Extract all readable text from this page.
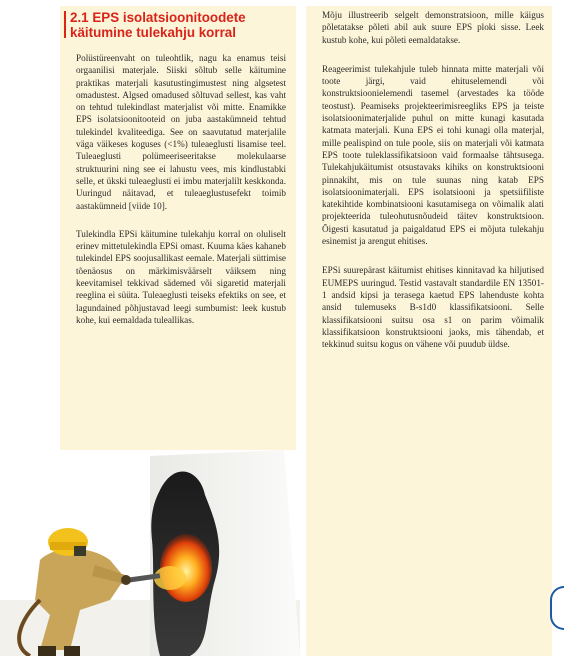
2.1 EPS isolatsioonitoodete käitumine tulekahju korral

Polüstüreenvaht on tuleohtlik, nagu ka enamus teisi orgaanilisi materjale. Siiski sõltub selle käitumine praktikas materjali kasutustingimustest ning algsetest omadustest. Algsed omadused sõltuvad sellest, kas vaht on tehtud tulekindlast materjalist või mitte. Enamikke EPS isolatsioonitooteid on juba aastakümneid tehtud tulekindel kvaliteediga. See on saavutatud materjalile väga väikeses koguses (<1%) tuleaeglusti lisamise teel. Tuleaeglusti polümeeriseeritakse molekulaarse struktuurini ning see ei lahustu vees, mis kindlustabki selle, et ükski tuleaeglusti ei imbu materjalilt keskkonda. Uuringud näitavad, et tuleaeglustusefekt toimib aastakümneid [viide 10].

Tulekindla EPSi käitumine tulekahju korral on oluliselt erinev mittetulekindla EPSi omast. Kuuma käes kahaneb tulekindel EPS soojusallikast eemale. Materjali süttimise tõenäosus on märkimisväärselt väiksem ning keevitamisel tekkivad sädemed või sigaretid materjali reeglina ei süüta. Tuleaeglusti teiseks efektiks on see, et lagundained põhjustavad leegi sumbumist: leek kustub kohe, kui eemaldada tuleallikas.

Mõju illustreerib selgelt demonstratsioon, mille käigus põletatakse põleti abil auk suure EPS ploki sisse. Leek kustub kohe, kui põleti eemaldatakse.

Reageerimist tulekahjule tuleb hinnata mitte materjali või toote järgi, vaid ehituselemendi või konstruktsioonielemendi tasemel (arvestades ka tööde teostust). Peamiseks projekteerimisreegliks EPS ja teiste isolatsioonimaterjalide puhul on mitte kunagi kasutada katmata materjali. Kuna EPS ei tohi kunagi olla materjal, mille pealispind on tule poole, siis on materjali või katmata EPS toote tuleklassifikatsioon vaid formaalse tähtsusega. Tulekahjukäitumist otsustavaks kihiks on konstruktsiooni pinnakiht, mis on tule suunas ning katab EPS isolatsioonimaterjali. EPS isolatsiooni ja spetsiifiliste katekihtide kombinatsiooni kasutamisega on võimalik alati projekteerida tuleohutusnõudeid täitev konstruktsioon. Õigesti kasutatud ja paigaldatud EPS ei mõjuta tulekahju esinemist ja arengut ehitises.

EPSi suurepärast käitumist ehitises kinnitavad ka hiljutised EUMEPS uuringud. Testid vastavalt standardile EN 13501-1 andsid kipsi ja terasega kaetud EPS lahenduste kohta ansid tulemuseks B-s1d0 klassifikatsiooni. Selle klassifikatsiooni suitsu osa s1 on parim võimalik klassifikatsioon konstruktsiooni jaoks, mis tähendab, et tekkinud suitsu kogus on vähene või puudub üldse.
